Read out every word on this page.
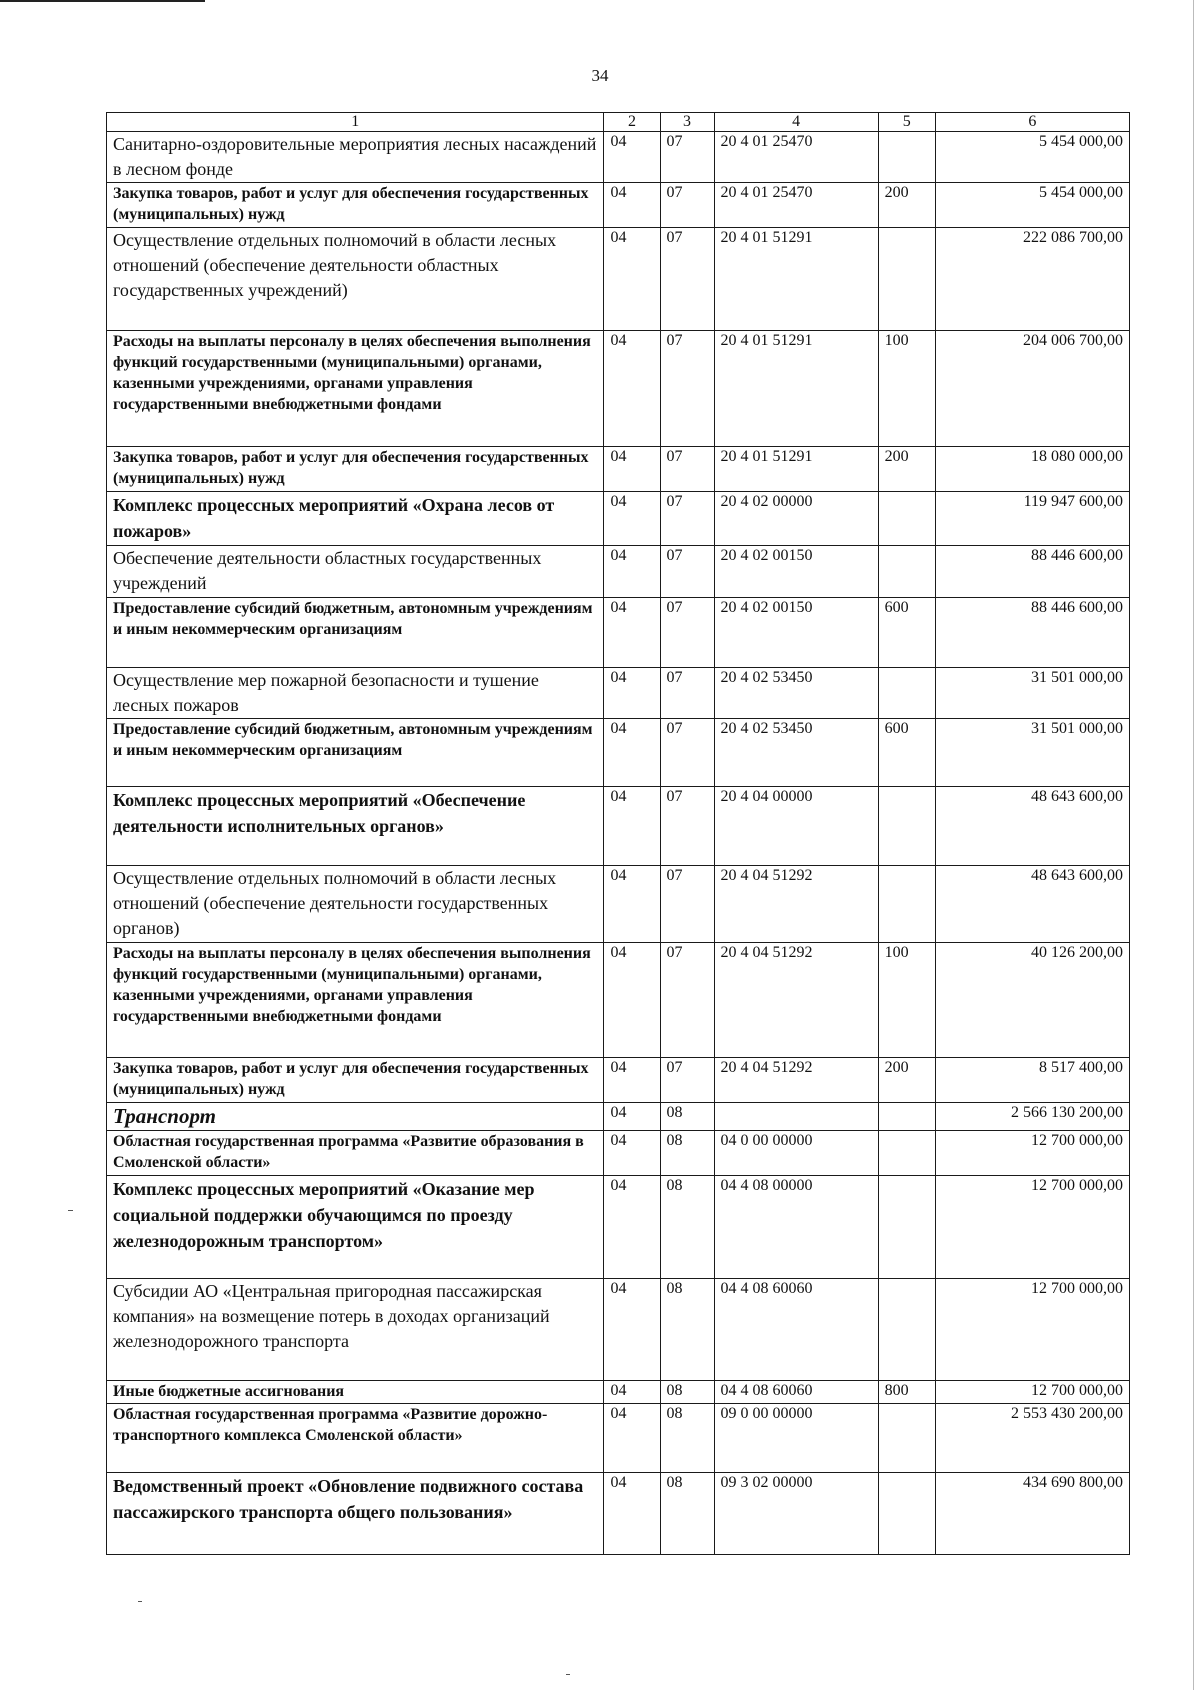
34
1	2	3	4	5	6
Санитарно-оздоровительные мероприятия лесных насаждений в лесном фонде	04	07	20 4 01 25470		5 454 000,00
Закупка товаров, работ и услуг для обеспечения государственных (муниципальных) нужд	04	07	20 4 01 25470	200	5 454 000,00
Осуществление отдельных полномочий в области лесных отношений (обеспечение деятельности областных государственных учреждений)	04	07	20 4 01 51291		222 086 700,00
Расходы на выплаты персоналу в целях обеспечения выполнения функций государственными (муниципальными) органами, казенными учреждениями, органами управления государственными внебюджетными фондами	04	07	20 4 01 51291	100	204 006 700,00
Закупка товаров, работ и услуг для обеспечения государственных (муниципальных) нужд	04	07	20 4 01 51291	200	18 080 000,00
Комплекс процессных мероприятий «Охрана лесов от пожаров»	04	07	20 4 02 00000		119 947 600,00
Обеспечение деятельности областных государственных учреждений	04	07	20 4 02 00150		88 446 600,00
Предоставление субсидий бюджетным, автономным учреждениям и иным некоммерческим организациям	04	07	20 4 02 00150	600	88 446 600,00
Осуществление мер пожарной безопасности и тушение лесных пожаров	04	07	20 4 02 53450		31 501 000,00
Предоставление субсидий бюджетным, автономным учреждениям и иным некоммерческим организациям	04	07	20 4 02 53450	600	31 501 000,00
Комплекс процессных мероприятий «Обеспечение деятельности исполнительных органов»	04	07	20 4 04 00000		48 643 600,00
Осуществление отдельных полномочий в области лесных отношений (обеспечение деятельности государственных органов)	04	07	20 4 04 51292		48 643 600,00
Расходы на выплаты персоналу в целях обеспечения выполнения функций государственными (муниципальными) органами, казенными учреждениями, органами управления государственными внебюджетными фондами	04	07	20 4 04 51292	100	40 126 200,00
Закупка товаров, работ и услуг для обеспечения государственных (муниципальных) нужд	04	07	20 4 04 51292	200	8 517 400,00
Транспорт	04	08			2 566 130 200,00
Областная государственная программа «Развитие образования в Смоленской области»	04	08	04 0 00 00000		12 700 000,00
Комплекс процессных мероприятий «Оказание мер социальной поддержки обучающимся по проезду железнодорожным транспортом»	04	08	04 4 08 00000		12 700 000,00
Субсидии АО «Центральная пригородная пассажирская компания» на возмещение потерь в доходах организаций железнодорожного транспорта	04	08	04 4 08 60060		12 700 000,00
Иные бюджетные ассигнования	04	08	04 4 08 60060	800	12 700 000,00
Областная государственная программа «Развитие дорожно-транспортного комплекса Смоленской области»	04	08	09 0 00 00000		2 553 430 200,00
Ведомственный проект «Обновление подвижного состава пассажирского транспорта общего пользования»	04	08	09 3 02 00000		434 690 800,00
